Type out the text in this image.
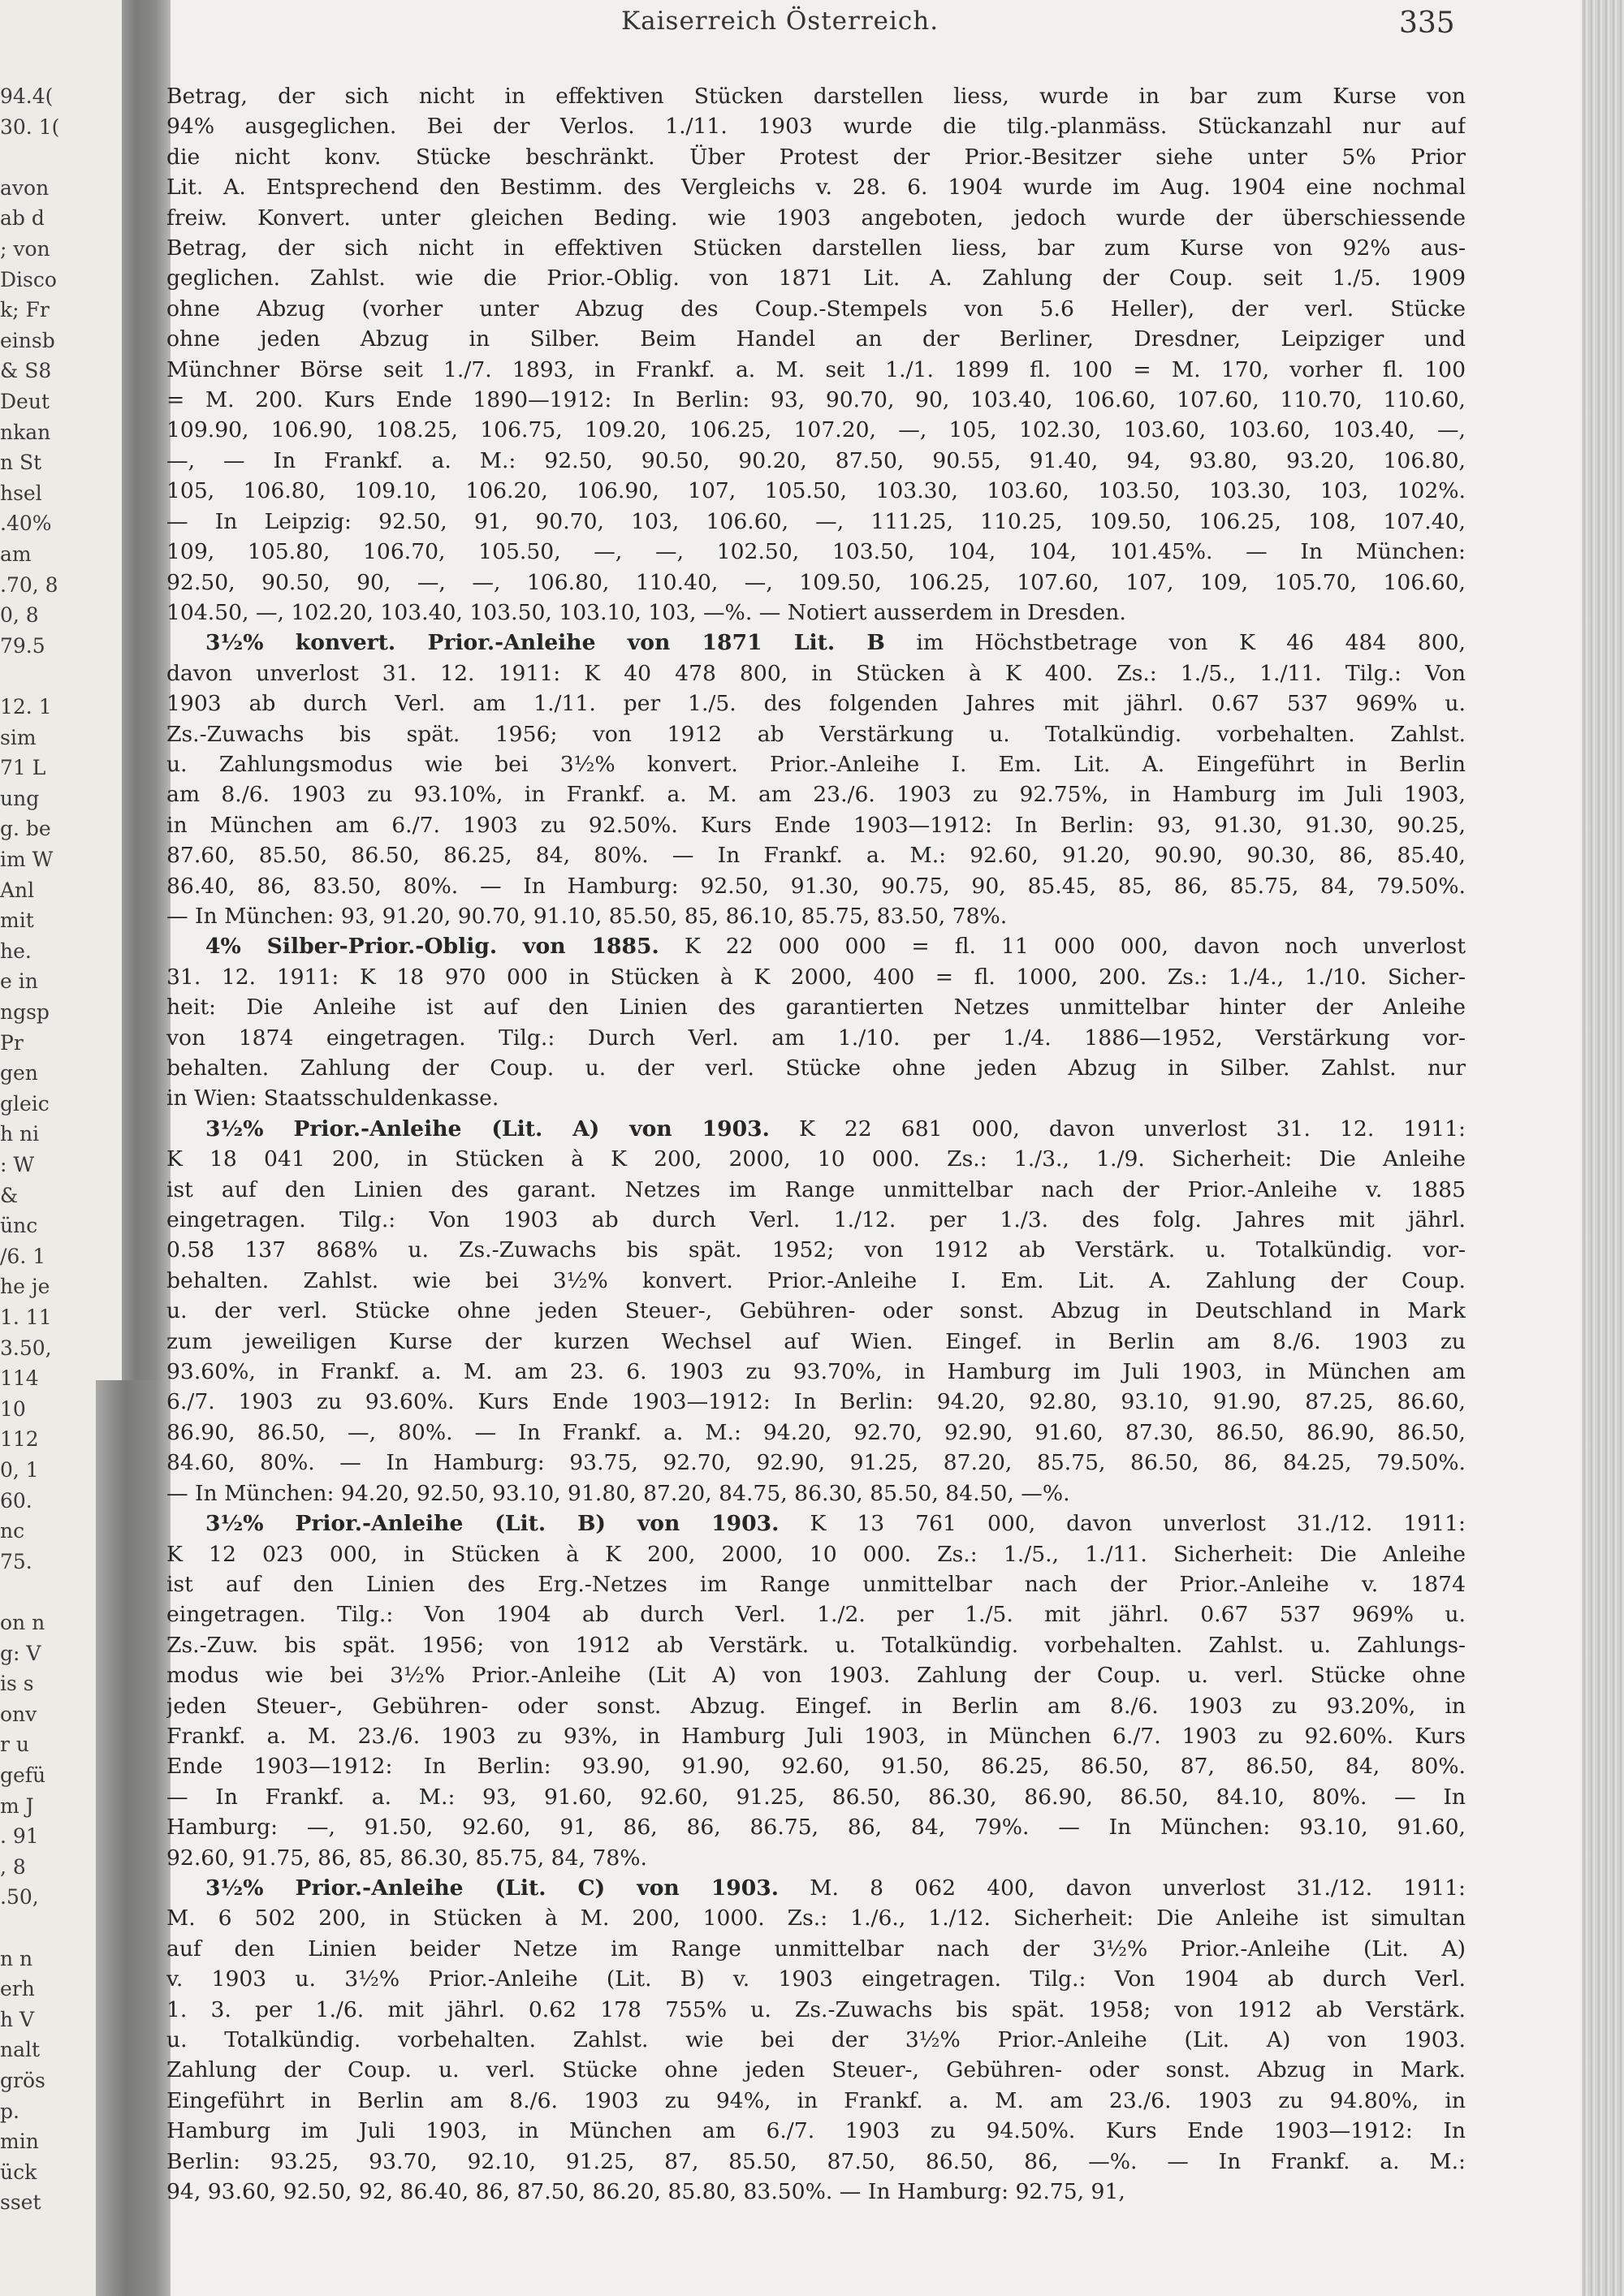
94.4(
30. 1(
avon
ab d
; von
Disco
k; Fr
einsb
& S8
Deut
nkan
n St
hsel
.40%
am
.70, 8
0, 8
79.5
12. 1
sim
71 L
ung
g. be
im W
Anl
mit
he.
e in
ngsp
Pr
gen
gleic
h ni
: W
&
ünc
/6. 1
he je
1. 11
3.50,
114
10
112
0, 1
60.
nc
75.
on n
g: V
is s
onv
r u
gefü
m J
. 91
, 8
.50,
n n
erh
h V
nalt
grös
p.
min
ück
sset
Kaiserreich Österreich.	335
Betrag, der sich nicht in effektiven Stücken darstellen liess, wurde in bar zum Kurse von
94% ausgeglichen. Bei der Verlos. 1./11. 1903 wurde die tilg.-planmäss. Stückanzahl nur auf
die nicht konv. Stücke beschränkt. Über Protest der Prior.-Besitzer siehe unter 5% Prior
Lit. A. Entsprechend den Bestimm. des Vergleichs v. 28. 6. 1904 wurde im Aug. 1904 eine nochmal
freiw. Konvert. unter gleichen Beding. wie 1903 angeboten, jedoch wurde der überschiessende
Betrag, der sich nicht in effektiven Stücken darstellen liess, bar zum Kurse von 92% aus-
geglichen. Zahlst. wie die Prior.-Oblig. von 1871 Lit. A. Zahlung der Coup. seit 1./5. 1909
ohne Abzug (vorher unter Abzug des Coup.-Stempels von 5.6 Heller), der verl. Stücke
ohne jeden Abzug in Silber. Beim Handel an der Berliner, Dresdner, Leipziger und
Münchner Börse seit 1./7. 1893, in Frankf. a. M. seit 1./1. 1899 fl. 100 = M. 170, vorher fl. 100
= M. 200. Kurs Ende 1890—1912: In Berlin: 93, 90.70, 90, 103.40, 106.60, 107.60, 110.70, 110.60,
109.90, 106.90, 108.25, 106.75, 109.20, 106.25, 107.20, —, 105, 102.30, 103.60, 103.60, 103.40, —,
—, — In Frankf. a. M.: 92.50, 90.50, 90.20, 87.50, 90.55, 91.40, 94, 93.80, 93.20, 106.80,
105, 106.80, 109.10, 106.20, 106.90, 107, 105.50, 103.30, 103.60, 103.50, 103.30, 103, 102%.
— In Leipzig: 92.50, 91, 90.70, 103, 106.60, —, 111.25, 110.25, 109.50, 106.25, 108, 107.40,
109, 105.80, 106.70, 105.50, —, —, 102.50, 103.50, 104, 104, 101.45%. — In München:
92.50, 90.50, 90, —, —, 106.80, 110.40, —, 109.50, 106.25, 107.60, 107, 109, 105.70, 106.60,
104.50, —, 102.20, 103.40, 103.50, 103.10, 103, —%. — Notiert ausserdem in Dresden.
3½% konvert. Prior.-Anleihe von 1871 Lit. B im Höchstbetrage von K 46 484 800,
davon unverlost 31. 12. 1911: K 40 478 800, in Stücken à K 400. Zs.: 1./5., 1./11. Tilg.: Von
1903 ab durch Verl. am 1./11. per 1./5. des folgenden Jahres mit jährl. 0.67 537 969% u.
Zs.-Zuwachs bis spät. 1956; von 1912 ab Verstärkung u. Totalkündig. vorbehalten. Zahlst.
u. Zahlungsmodus wie bei 3½% konvert. Prior.-Anleihe I. Em. Lit. A. Eingeführt in Berlin
am 8./6. 1903 zu 93.10%, in Frankf. a. M. am 23./6. 1903 zu 92.75%, in Hamburg im Juli 1903,
in München am 6./7. 1903 zu 92.50%. Kurs Ende 1903—1912: In Berlin: 93, 91.30, 91.30, 90.25,
87.60, 85.50, 86.50, 86.25, 84, 80%. — In Frankf. a. M.: 92.60, 91.20, 90.90, 90.30, 86, 85.40,
86.40, 86, 83.50, 80%. — In Hamburg: 92.50, 91.30, 90.75, 90, 85.45, 85, 86, 85.75, 84, 79.50%.
— In München: 93, 91.20, 90.70, 91.10, 85.50, 85, 86.10, 85.75, 83.50, 78%.
4% Silber-Prior.-Oblig. von 1885. K 22 000 000 = fl. 11 000 000, davon noch unverlost
31. 12. 1911: K 18 970 000 in Stücken à K 2000, 400 = fl. 1000, 200. Zs.: 1./4., 1./10. Sicher-
heit: Die Anleihe ist auf den Linien des garantierten Netzes unmittelbar hinter der Anleihe
von 1874 eingetragen. Tilg.: Durch Verl. am 1./10. per 1./4. 1886—1952, Verstärkung vor-
behalten. Zahlung der Coup. u. der verl. Stücke ohne jeden Abzug in Silber. Zahlst. nur
in Wien: Staatsschuldenkasse.
3½% Prior.-Anleihe (Lit. A) von 1903. K 22 681 000, davon unverlost 31. 12. 1911:
K 18 041 200, in Stücken à K 200, 2000, 10 000. Zs.: 1./3., 1./9. Sicherheit: Die Anleihe
ist auf den Linien des garant. Netzes im Range unmittelbar nach der Prior.-Anleihe v. 1885
eingetragen. Tilg.: Von 1903 ab durch Verl. 1./12. per 1./3. des folg. Jahres mit jährl.
0.58 137 868% u. Zs.-Zuwachs bis spät. 1952; von 1912 ab Verstärk. u. Totalkündig. vor-
behalten. Zahlst. wie bei 3½% konvert. Prior.-Anleihe I. Em. Lit. A. Zahlung der Coup.
u. der verl. Stücke ohne jeden Steuer-, Gebühren- oder sonst. Abzug in Deutschland in Mark
zum jeweiligen Kurse der kurzen Wechsel auf Wien. Eingef. in Berlin am 8./6. 1903 zu
93.60%, in Frankf. a. M. am 23. 6. 1903 zu 93.70%, in Hamburg im Juli 1903, in München am
6./7. 1903 zu 93.60%. Kurs Ende 1903—1912: In Berlin: 94.20, 92.80, 93.10, 91.90, 87.25, 86.60,
86.90, 86.50, —, 80%. — In Frankf. a. M.: 94.20, 92.70, 92.90, 91.60, 87.30, 86.50, 86.90, 86.50,
84.60, 80%. — In Hamburg: 93.75, 92.70, 92.90, 91.25, 87.20, 85.75, 86.50, 86, 84.25, 79.50%.
— In München: 94.20, 92.50, 93.10, 91.80, 87.20, 84.75, 86.30, 85.50, 84.50, —%.
3½% Prior.-Anleihe (Lit. B) von 1903. K 13 761 000, davon unverlost 31./12. 1911:
K 12 023 000, in Stücken à K 200, 2000, 10 000. Zs.: 1./5., 1./11. Sicherheit: Die Anleihe
ist auf den Linien des Erg.-Netzes im Range unmittelbar nach der Prior.-Anleihe v. 1874
eingetragen. Tilg.: Von 1904 ab durch Verl. 1./2. per 1./5. mit jährl. 0.67 537 969% u.
Zs.-Zuw. bis spät. 1956; von 1912 ab Verstärk. u. Totalkündig. vorbehalten. Zahlst. u. Zahlungs-
modus wie bei 3½% Prior.-Anleihe (Lit A) von 1903. Zahlung der Coup. u. verl. Stücke ohne
jeden Steuer-, Gebühren- oder sonst. Abzug. Eingef. in Berlin am 8./6. 1903 zu 93.20%, in
Frankf. a. M. 23./6. 1903 zu 93%, in Hamburg Juli 1903, in München 6./7. 1903 zu 92.60%. Kurs
Ende 1903—1912: In Berlin: 93.90, 91.90, 92.60, 91.50, 86.25, 86.50, 87, 86.50, 84, 80%.
— In Frankf. a. M.: 93, 91.60, 92.60, 91.25, 86.50, 86.30, 86.90, 86.50, 84.10, 80%. — In
Hamburg: —, 91.50, 92.60, 91, 86, 86, 86.75, 86, 84, 79%. — In München: 93.10, 91.60,
92.60, 91.75, 86, 85, 86.30, 85.75, 84, 78%.
3½% Prior.-Anleihe (Lit. C) von 1903. M. 8 062 400, davon unverlost 31./12. 1911:
M. 6 502 200, in Stücken à M. 200, 1000. Zs.: 1./6., 1./12. Sicherheit: Die Anleihe ist simultan
auf den Linien beider Netze im Range unmittelbar nach der 3½% Prior.-Anleihe (Lit. A)
v. 1903 u. 3½% Prior.-Anleihe (Lit. B) v. 1903 eingetragen. Tilg.: Von 1904 ab durch Verl.
1. 3. per 1./6. mit jährl. 0.62 178 755% u. Zs.-Zuwachs bis spät. 1958; von 1912 ab Verstärk.
u. Totalkündig. vorbehalten. Zahlst. wie bei der 3½% Prior.-Anleihe (Lit. A) von 1903.
Zahlung der Coup. u. verl. Stücke ohne jeden Steuer-, Gebühren- oder sonst. Abzug in Mark.
Eingeführt in Berlin am 8./6. 1903 zu 94%, in Frankf. a. M. am 23./6. 1903 zu 94.80%, in
Hamburg im Juli 1903, in München am 6./7. 1903 zu 94.50%. Kurs Ende 1903—1912: In
Berlin: 93.25, 93.70, 92.10, 91.25, 87, 85.50, 87.50, 86.50, 86, —%. — In Frankf. a. M.:
94, 93.60, 92.50, 92, 86.40, 86, 87.50, 86.20, 85.80, 83.50%. — In Hamburg: 92.75, 91,
